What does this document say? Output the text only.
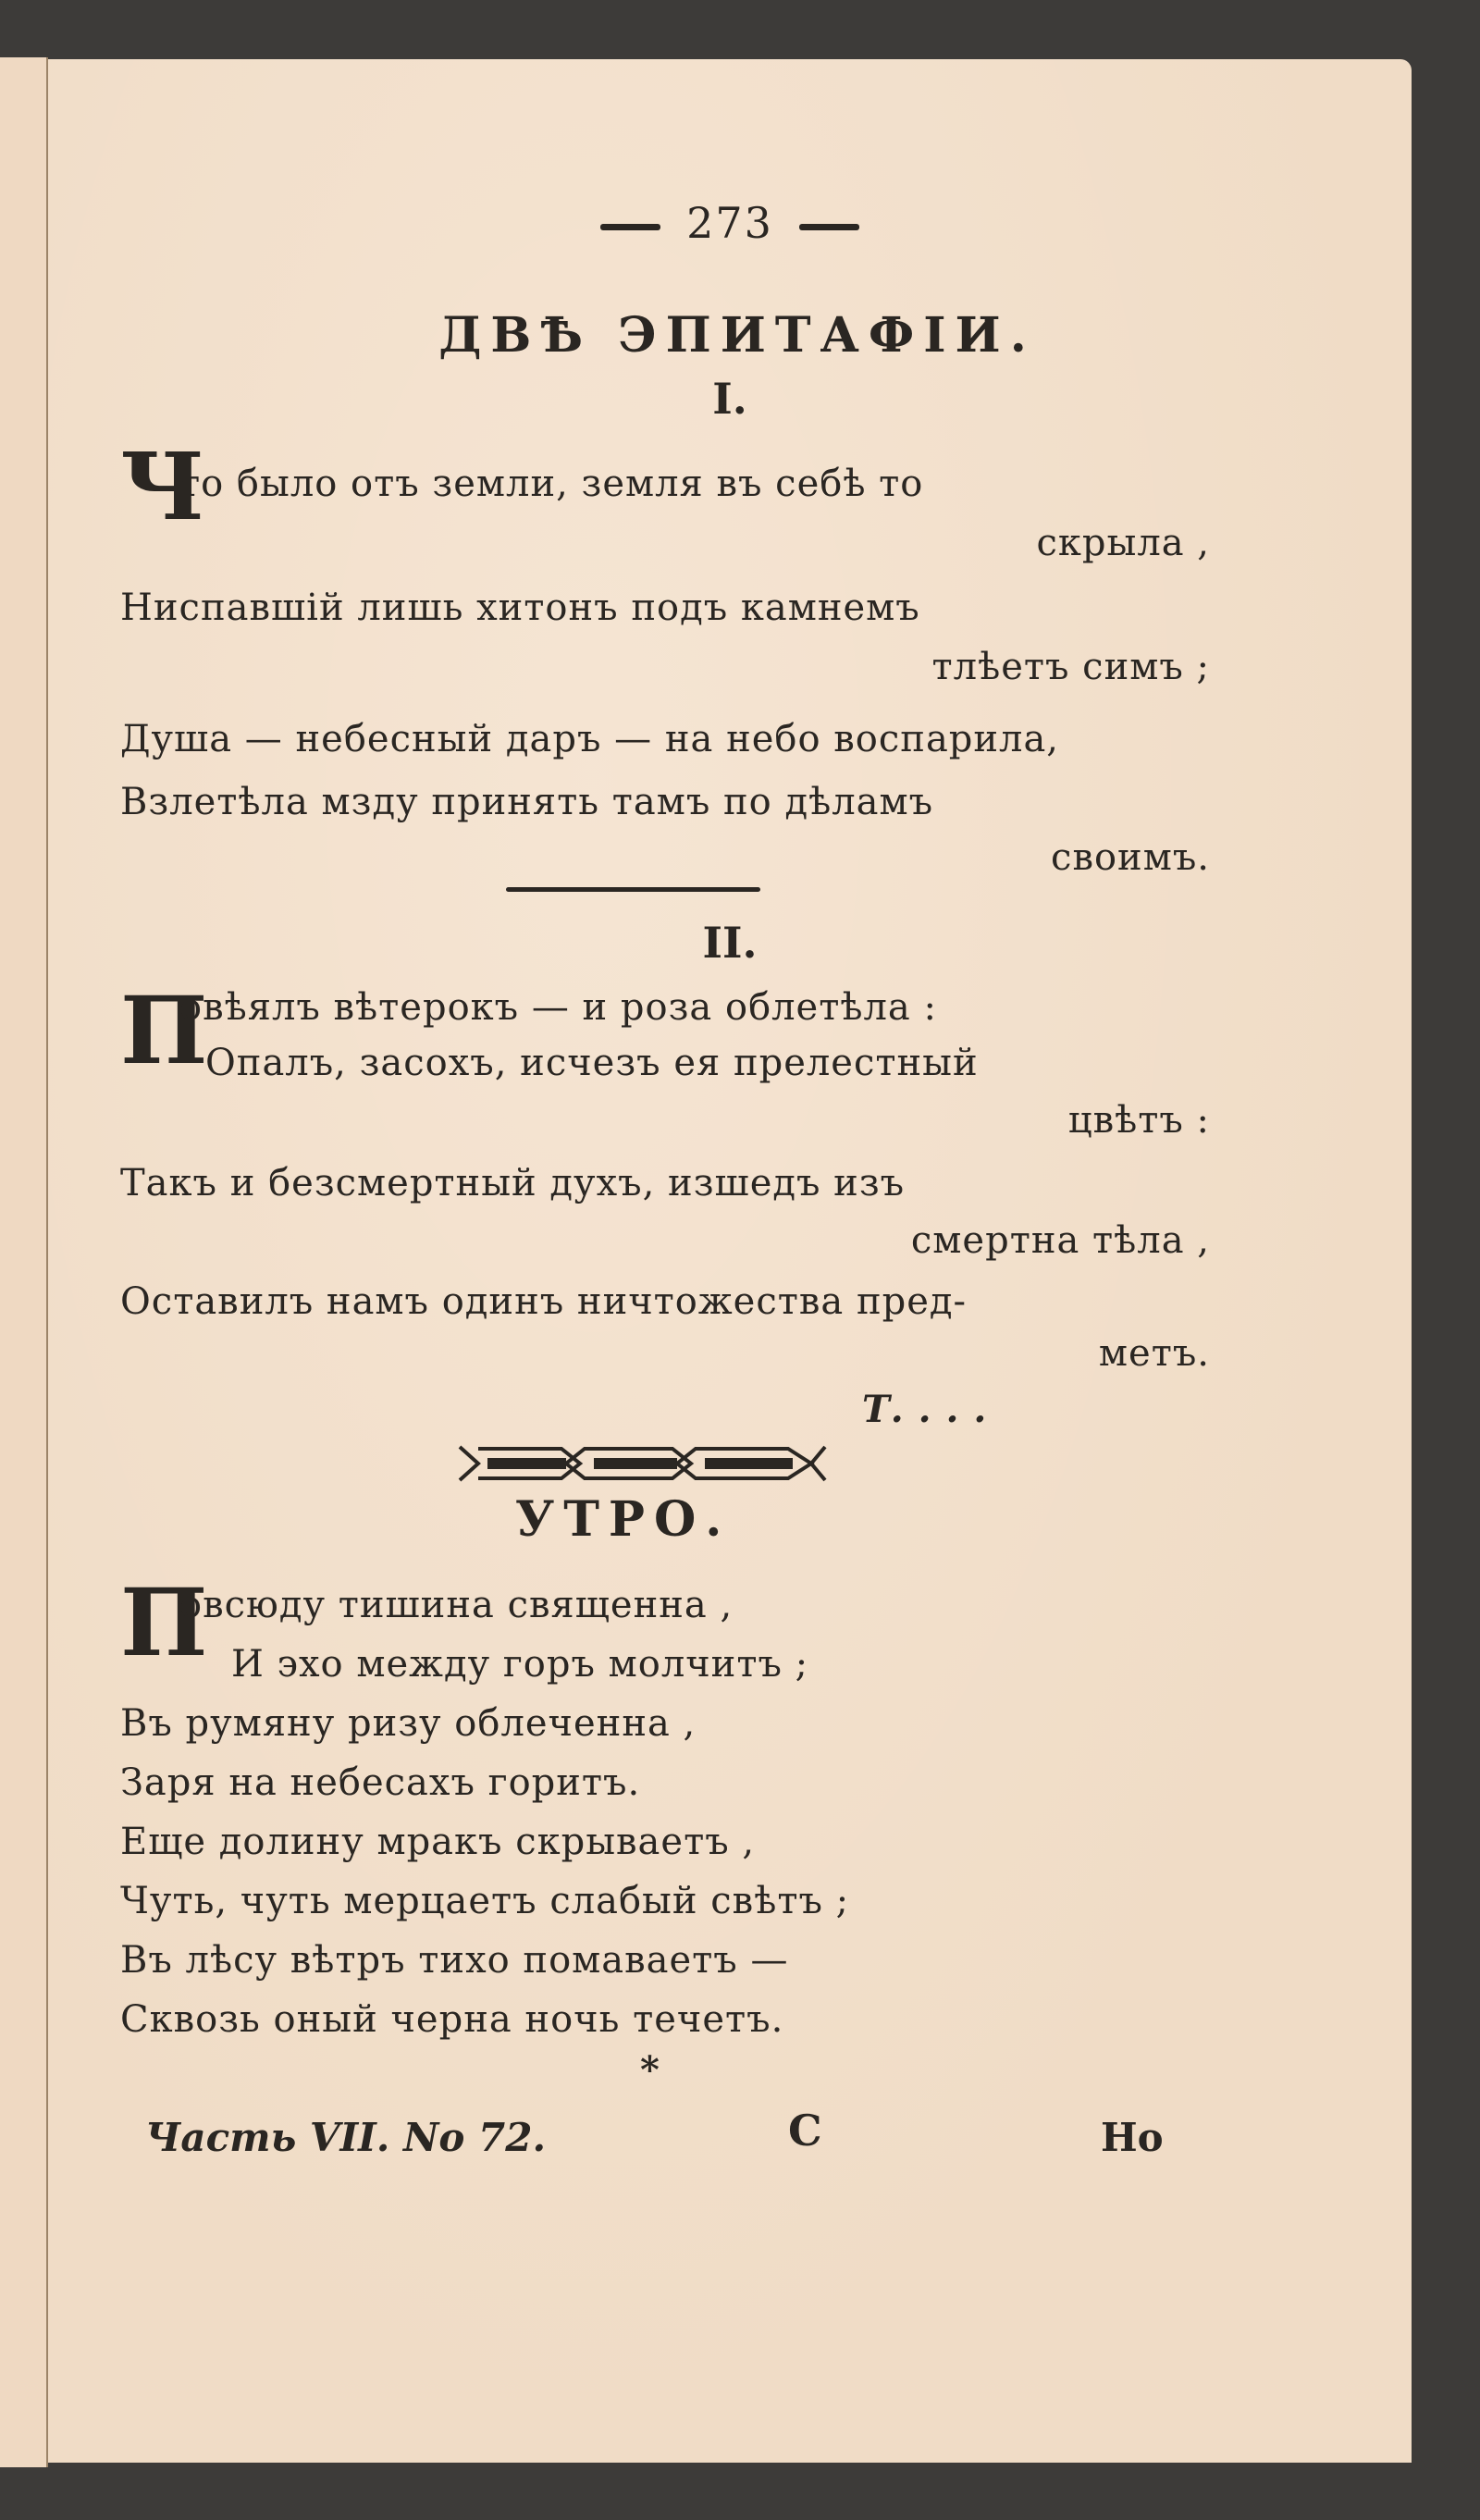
273
ДВѢ ЭПИТАФІИ.
I.
Ч
то было отъ земли, земля въ себѣ то
скрыла ,
Ниспавшій лишь хитонъ подъ камнемъ
тлѣетъ симъ ;
Душа — небесный даръ — на небо воспарила,
Взлетѣла мзду принять тамъ по дѣламъ
своимъ.
II.
П
овѣялъ вѣтерокъ — и роза облетѣла :
Опалъ, засохъ, исчезъ ея прелестный
цвѣтъ :
Такъ и безсмертный духъ, изшедъ изъ
смертна тѣла ,
Оставилъ намъ одинъ ничтожества пред-
метъ.
Т. . . .
УТРО.
П
овсюду тишина священна ,
И эхо между горъ молчитъ ;
Въ румяну ризу облеченна ,
Заря на небесахъ горитъ.
Еще долину мракъ скрываетъ ,
Чуть, чуть мерцаетъ слабый свѣтъ ;
Въ лѣсу вѣтръ тихо помаваетъ —
Сквозь оный черна ночь течетъ.
*
Часть VII. No 72.	С	Но
